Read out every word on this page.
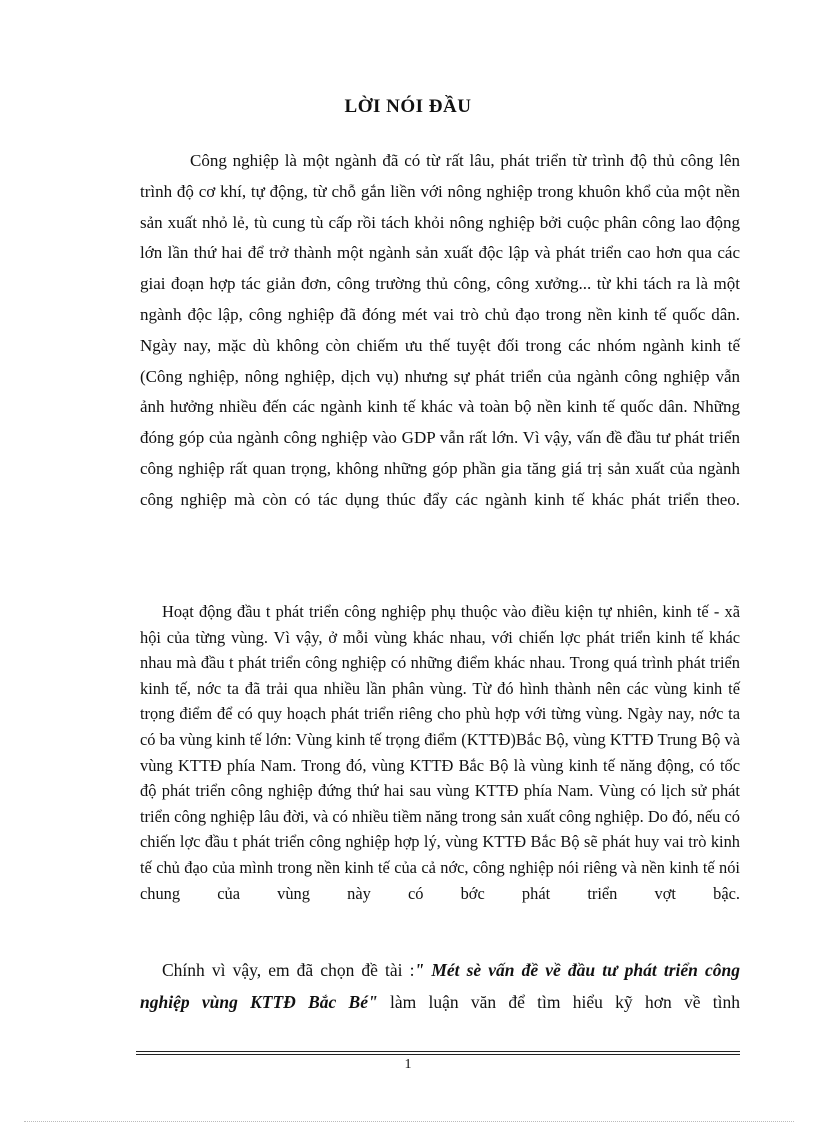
LỜI NÓI ĐẦU

Công nghiệp là một ngành đã có từ rất lâu, phát triển từ trình độ thủ công lên trình độ cơ khí, tự động, từ chỗ gắn liền với nông nghiệp trong khuôn khổ của một nền sản xuất nhỏ lẻ, tù cung tù cấp rồi tách khỏi nông nghiệp bởi cuộc phân công lao động lớn lần thứ hai để trở thành một ngành sản xuất độc lập và phát triển cao hơn qua các giai đoạn hợp tác giản đơn, công trường thủ công, công xưởng... từ khi tách ra là một ngành độc lập, công nghiệp đã đóng mét vai trò chủ đạo trong nền kinh tế quốc dân. Ngày nay, mặc dù không còn chiếm ưu thế tuyệt đối trong các nhóm ngành kinh tế (Công nghiệp, nông nghiệp, dịch vụ) nhưng sự phát triển của ngành công nghiệp vẫn ảnh hưởng nhiều đến các ngành kinh tế khác và toàn bộ nền kinh tế quốc dân. Những đóng góp của ngành công nghiệp vào GDP vẫn rất lớn. Vì vậy, vấn đề đầu tư phát triển công nghiệp rất quan trọng, không những góp phần gia tăng giá trị sản xuất của ngành công nghiệp mà còn có tác dụng thúc đẩy các ngành kinh tế khác phát triển theo.

Hoạt động đầu t phát triển công nghiệp phụ thuộc vào điều kiện tự nhiên, kinh tế - xã hội của từng vùng. Vì vậy, ở mỗi vùng khác nhau, với chiến lợc phát triển kinh tế khác nhau mà đầu t phát triển công nghiệp có những điểm khác nhau. Trong quá trình phát triển kinh tế, nớc ta đã trải qua nhiều lần phân vùng. Từ đó hình thành nên các vùng kinh tế trọng điểm để có quy hoạch phát triển riêng cho phù hợp với từng vùng. Ngày nay, nớc ta có ba vùng kinh tế lớn: Vùng kinh tế trọng điểm (KTTĐ)Bắc Bộ, vùng KTTĐ Trung Bộ và vùng KTTĐ phía Nam. Trong đó, vùng KTTĐ Bắc Bộ là vùng kinh tế năng động, có tốc độ phát triển công nghiệp đứng thứ hai sau vùng KTTĐ phía Nam. Vùng có lịch sử phát triển công nghiệp lâu đời, và có nhiều tiềm năng trong sản xuất công nghiệp. Do đó, nếu có chiến lợc đầu t phát triển công nghiệp hợp lý, vùng KTTĐ Bắc Bộ sẽ phát huy vai trò kinh tế chủ đạo của mình trong nền kinh tế của cả nớc, công nghiệp nói riêng và nền kinh tế nói chung của vùng này có bớc phát triển vợt bậc.

Chính vì vậy, em đã chọn đề tài :" Mét sè vấn đề về đầu tư phát triển công nghiệp vùng KTTĐ Bắc Bé" làm luận văn để tìm hiểu kỹ hơn về tình

1
